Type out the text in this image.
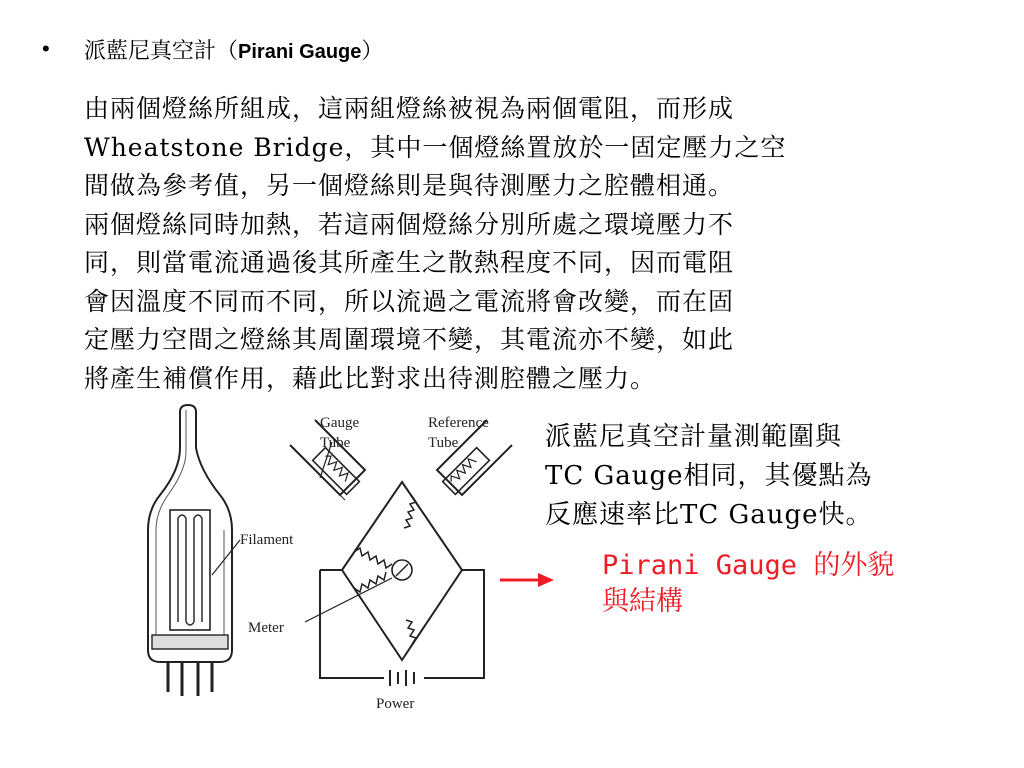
• 派藍尼真空計（Pirani Gauge）
由兩個燈絲所組成，這兩組燈絲被視為兩個電阻，而形成
Wheatstone Bridge，其中一個燈絲置放於一固定壓力之空
間做為參考值，另一個燈絲則是與待測壓力之腔體相通。
兩個燈絲同時加熱，若這兩個燈絲分別所處之環境壓力不
同，則當電流通過後其所產生之散熱程度不同，因而電阻
會因溫度不同而不同，所以流過之電流將會改變，而在固
定壓力空間之燈絲其周圍環境不變，其電流亦不變，如此
將產生補償作用，藉此比對求出待測腔體之壓力。
Gauge
Tube
Reference
Tube
Filament
Meter
Power
派藍尼真空計量測範圍與
TC Gauge相同，其優點為
反應速率比TC Gauge快。
Pirani Gauge 的外貌
與結構
